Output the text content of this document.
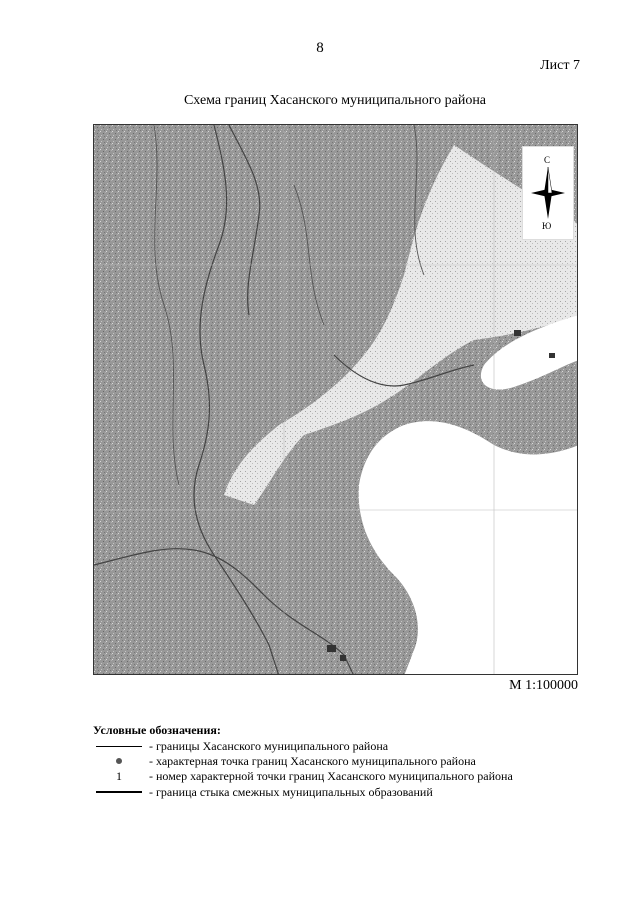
8
Лист 7
Схема границ Хасанского муниципального района
С
Ю
М 1:100000
Условные обозначения:
- границы Хасанского муниципального района
- характерная точка границ Хасанского муниципального района
1 - номер характерной точки границ Хасанского муниципального района
- граница стыка смежных муниципальных образований
